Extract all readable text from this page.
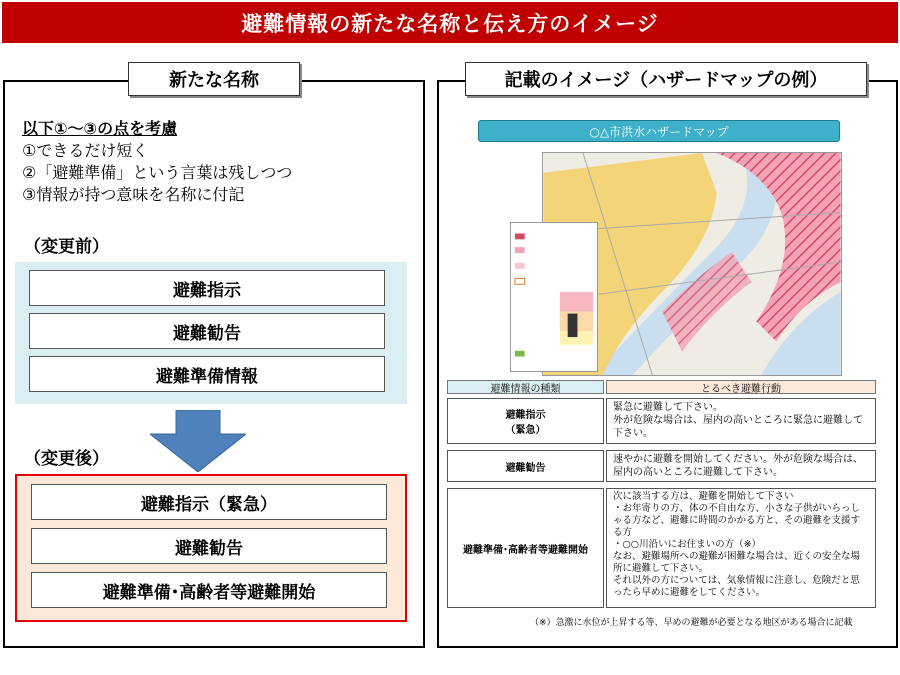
避難情報の新たな名称と伝え方のイメージ
新たな名称
以下①～③の点を考慮
①できるだけ短く
②「避難準備」という言葉は残しつつ
③情報が持つ意味を名称に付記
（変更前）
避難指示
避難勧告
避難準備情報
（変更後）
避難指示（緊急）
避難勧告
避難準備･高齢者等避難開始
記載のイメージ（ハザードマップの例）
○△市洪水ハザードマップ
避難情報の種類	とるべき避難行動
避難指示
（緊急）
緊急に避難して下さい。
外が危険な場合は、屋内の高いところに緊急に避難して下さい。
避難勧告
速やかに避難を開始してください。外が危険な場合は、屋内の高いところに避難して下さい。
避難準備･高齢者等避難開始
次に該当する方は、避難を開始して下さい
・お年寄りの方、体の不自由な方、小さな子供がいらっしゃる方など、避難に時間のかかる方と、その避難を支援する方
・○○川沿いにお住まいの方（※）
なお、避難場所への避難が困難な場合は、近くの安全な場所に避難して下さい。
それ以外の方については、気象情報に注意し、危険だと思ったら早めに避難をしてください。
（※）急激に水位が上昇する等、早めの避難が必要となる地区がある場合に記載
